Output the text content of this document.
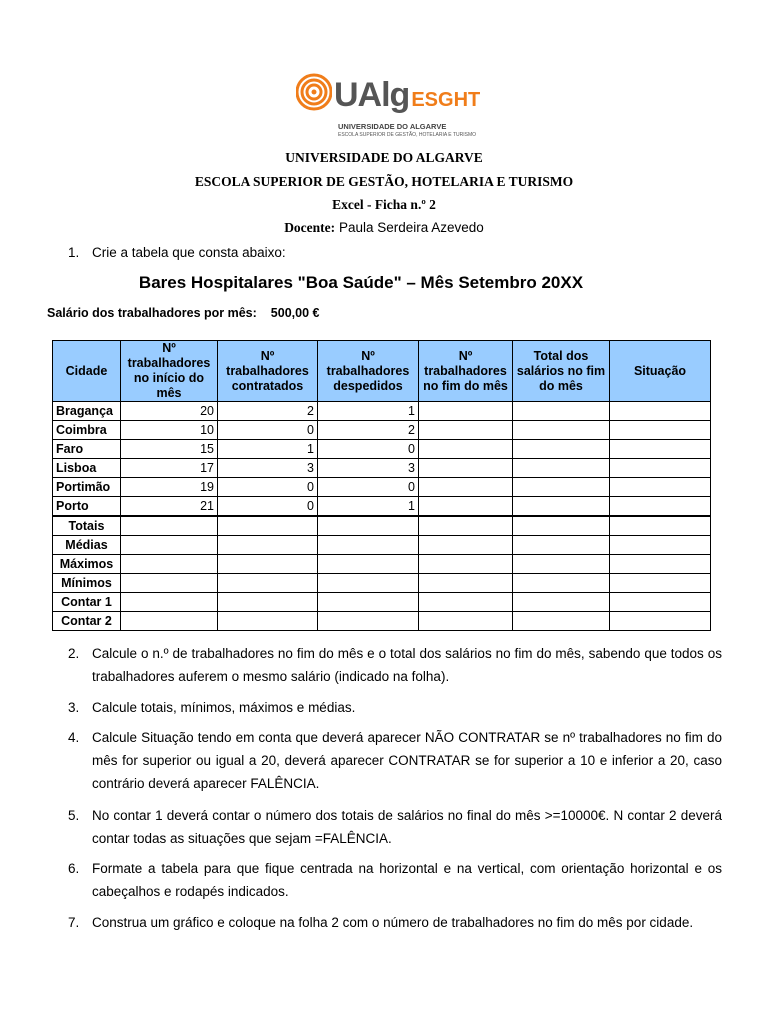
UAlg ESGHT
UNIVERSIDADE DO ALGARVE
ESCOLA SUPERIOR DE GESTÃO, HOTELARIA E TURISMO
UNIVERSIDADE DO ALGARVE
ESCOLA SUPERIOR DE GESTÃO, HOTELARIA E TURISMO
Excel - Ficha n.º 2
Docente: Paula Serdeira Azevedo
1. Crie a tabela que consta abaixo:
Bares Hospitalares "Boa Saúde" – Mês Setembro 20XX
Salário dos trabalhadores por mês: 500,00 €
Cidade	Nº trabalhadores no início do mês	Nº trabalhadores contratados	Nº trabalhadores despedidos	Nº trabalhadores no fim do mês	Total dos salários no fim do mês	Situação
Bragança	20	2	1			
Coimbra	10	0	2			
Faro	15	1	0			
Lisboa	17	3	3			
Portimão	19	0	0			
Porto	21	0	1			
Totais						
Médias						
Máximos						
Mínimos						
Contar 1						
Contar 2						
2. Calcule o n.º de trabalhadores no fim do mês e o total dos salários no fim do mês, sabendo que todos os trabalhadores auferem o mesmo salário (indicado na folha).
3. Calcule totais, mínimos, máximos e médias.
4. Calcule Situação tendo em conta que deverá aparecer NÃO CONTRATAR se nº trabalhadores no fim do mês for superior ou igual a 20, deverá aparecer CONTRATAR se for superior a 10 e inferior a 20, caso contrário deverá aparecer FALÊNCIA.
5. No contar 1 deverá contar o número dos totais de salários no final do mês >=10000€. N contar 2 deverá contar todas as situações que sejam =FALÊNCIA.
6. Formate a tabela para que fique centrada na horizontal e na vertical, com orientação horizontal e os cabeçalhos e rodapés indicados.
7. Construa um gráfico e coloque na folha 2 com o número de trabalhadores no fim do mês por cidade.
